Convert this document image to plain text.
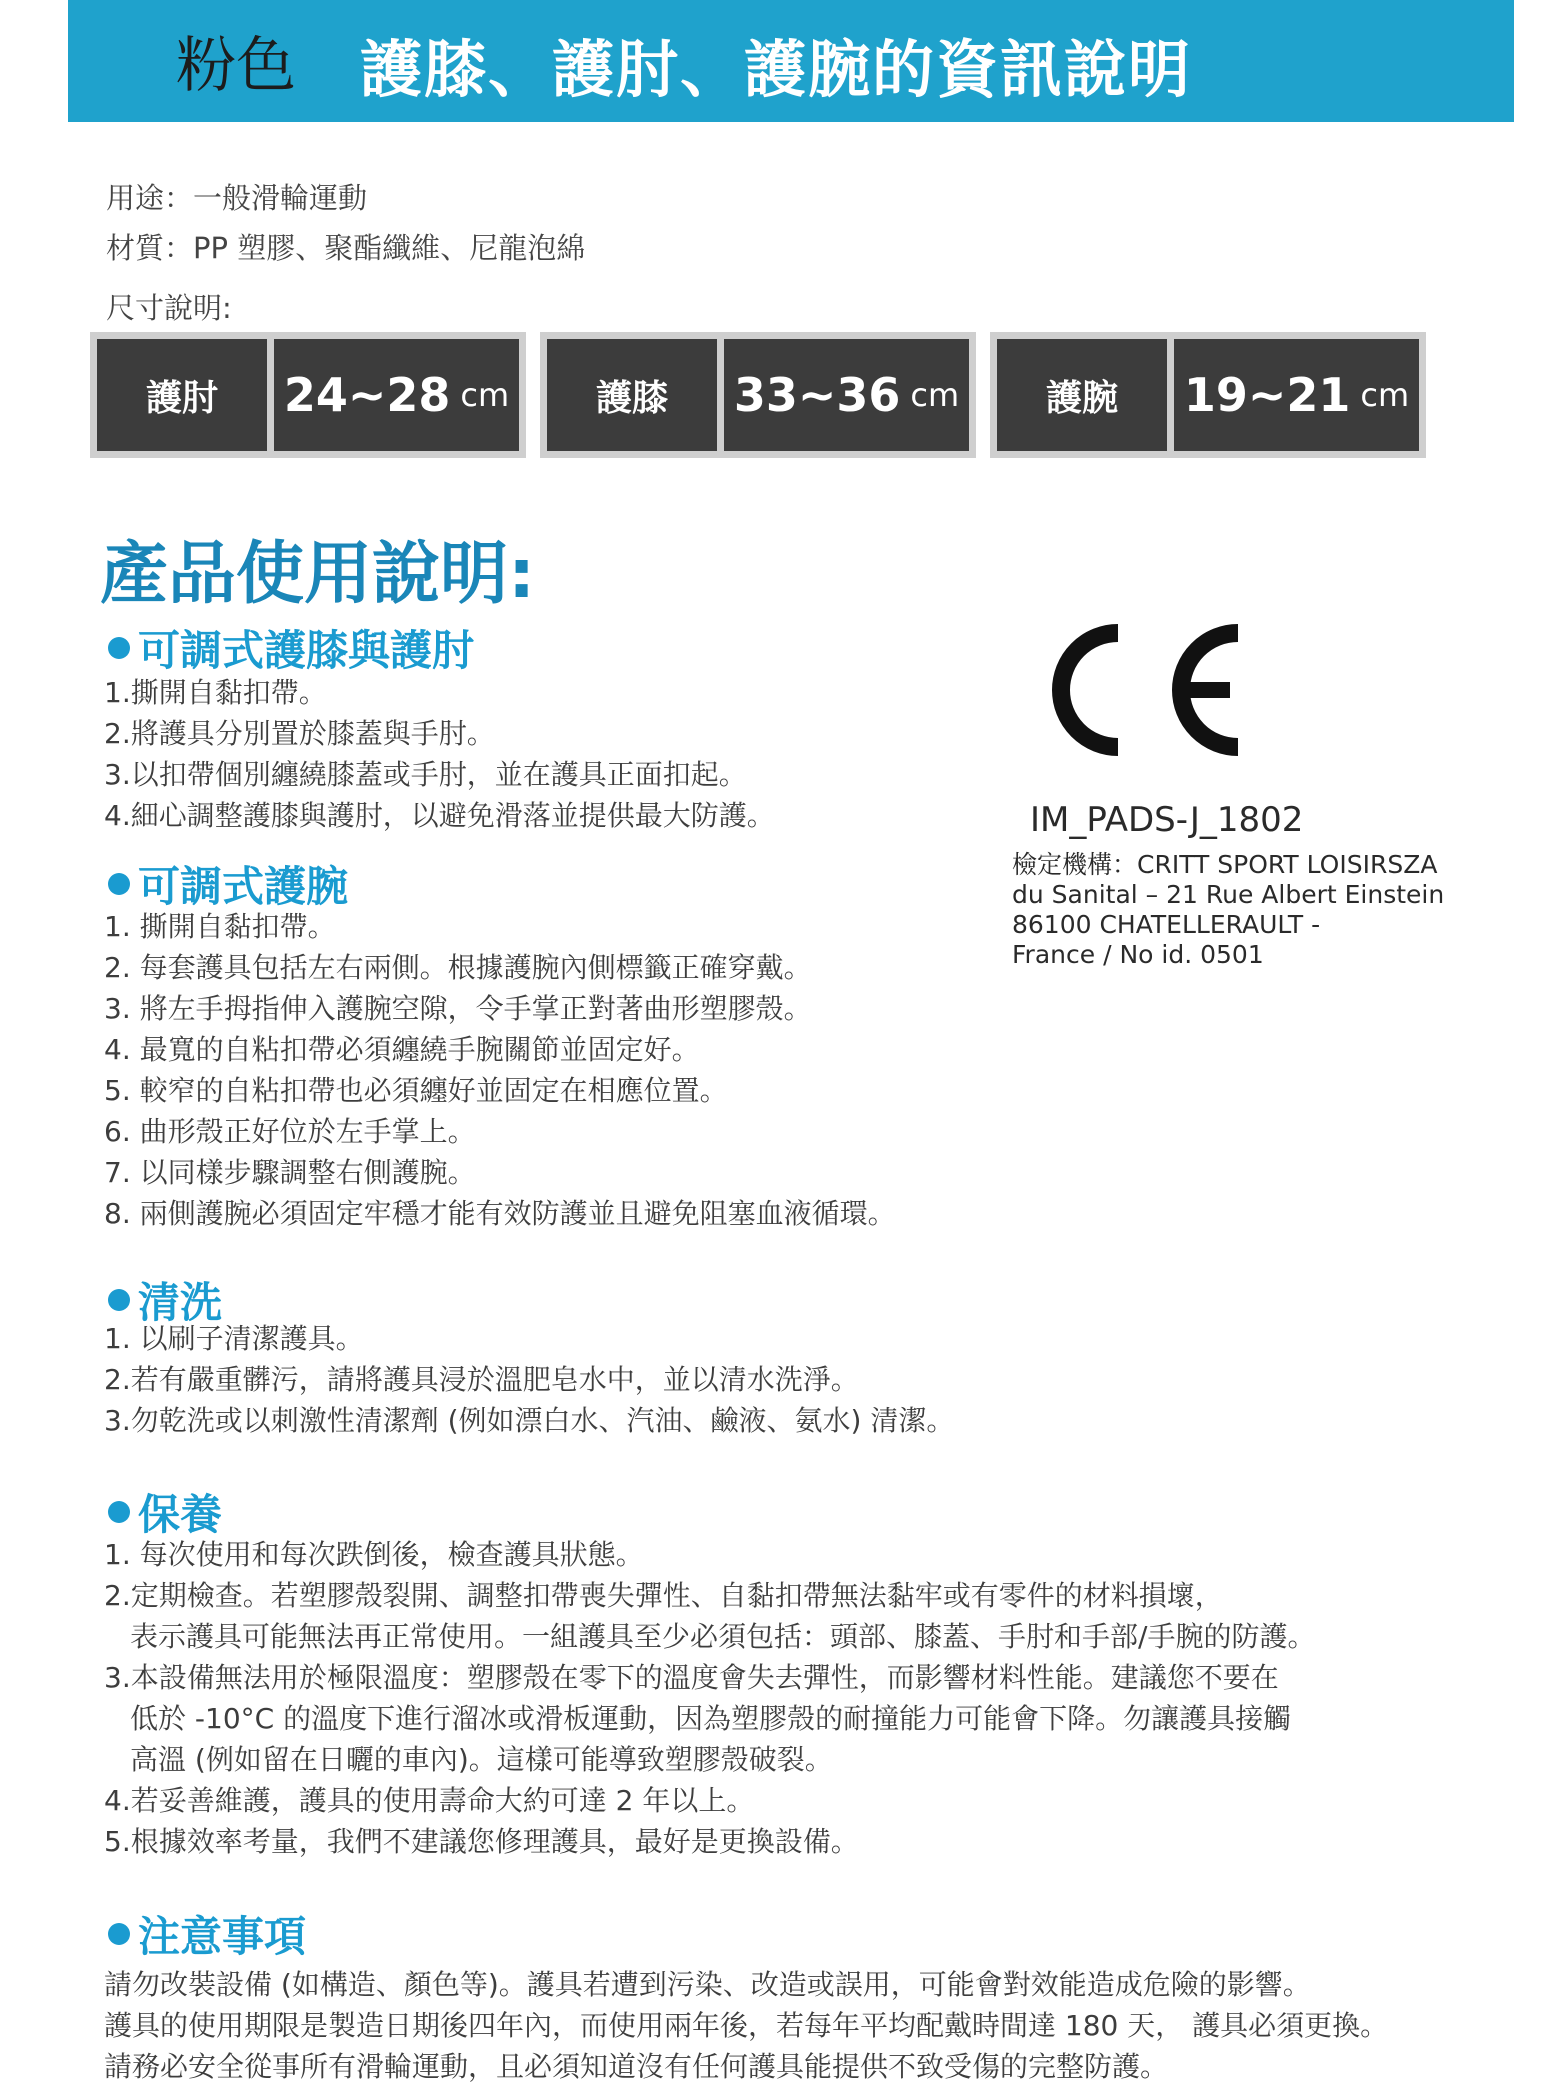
粉色 護膝、護肘、護腕的資訊說明
用途：一般滑輪運動
材質：PP 塑膠、聚酯纖維、尼龍泡綿
尺寸說明:
護肘	24~28 cm	護膝	33~36 cm	護腕	19~21 cm
產品使用說明:
可調式護膝與護肘
1.撕開自黏扣帶。
2.將護具分別置於膝蓋與手肘。
3.以扣帶個別纏繞膝蓋或手肘，並在護具正面扣起。
4.細心調整護膝與護肘，以避免滑落並提供最大防護。
可調式護腕
1. 撕開自黏扣帶。
2. 每套護具包括左右兩側。根據護腕內側標籤正確穿戴。
3. 將左手拇指伸入護腕空隙，令手掌正對著曲形塑膠殼。
4. 最寬的自粘扣帶必須纏繞手腕關節並固定好。
5. 較窄的自粘扣帶也必須纏好並固定在相應位置。
6. 曲形殼正好位於左手掌上。
7. 以同樣步驟調整右側護腕。
8. 兩側護腕必須固定牢穩才能有效防護並且避免阻塞血液循環。
清洗
1. 以刷子清潔護具。
2.若有嚴重髒污，請將護具浸於溫肥皂水中，並以清水洗淨。
3.勿乾洗或以刺激性清潔劑 (例如漂白水、汽油、鹼液、氨水) 清潔。
保養
1. 每次使用和每次跌倒後，檢查護具狀態。
2.定期檢查。若塑膠殼裂開、調整扣帶喪失彈性、自黏扣帶無法黏牢或有零件的材料損壞，
表示護具可能無法再正常使用。一組護具至少必須包括：頭部、膝蓋、手肘和手部/手腕的防護。
3.本設備無法用於極限溫度：塑膠殼在零下的溫度會失去彈性，而影響材料性能。建議您不要在
低於 -10°C 的溫度下進行溜冰或滑板運動，因為塑膠殼的耐撞能力可能會下降。勿讓護具接觸
高溫 (例如留在日曬的車內)。這樣可能導致塑膠殼破裂。
4.若妥善維護，護具的使用壽命大約可達 2 年以上。
5.根據效率考量，我們不建議您修理護具，最好是更換設備。
注意事項
請勿改裝設備 (如構造、顏色等)。護具若遭到污染、改造或誤用，可能會對效能造成危險的影響。
護具的使用期限是製造日期後四年內，而使用兩年後，若每年平均配戴時間達 180 天， 護具必須更換。
請務必安全從事所有滑輪運動，且必須知道沒有任何護具能提供不致受傷的完整防護。
IM_PADS-J_1802
檢定機構：CRITT SPORT LOISIRSZA
du Sanital – 21 Rue Albert Einstein
86100 CHATELLERAULT -
France / No id. 0501
